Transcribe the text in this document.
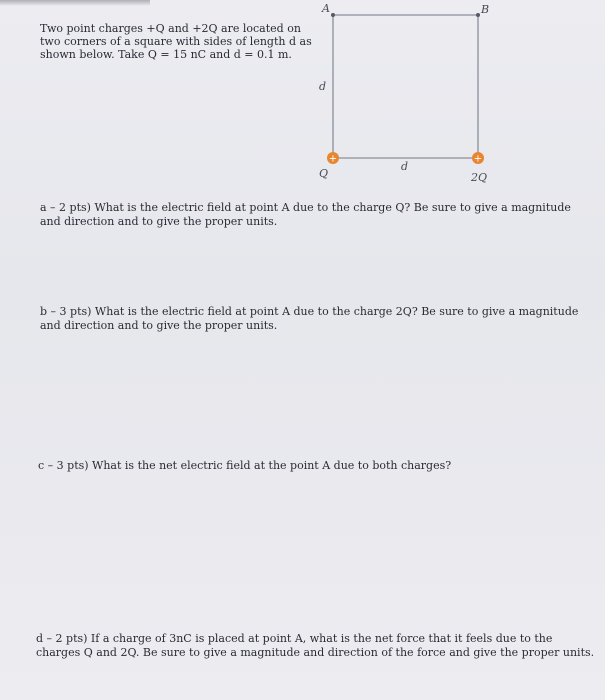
Two point charges +Q and +2Q are located on two corners of a square with sides of length d as shown below. Take Q = 15 nC and d = 0.1 m.

+	+

A	B

d

d

Q	2Q

a – 2 pts) What is the electric field at point A due to the charge Q? Be sure to give a magnitude and direction and to give the proper units.

b – 3 pts) What is the electric field at point A due to the charge 2Q? Be sure to give a magnitude and direction and to give the proper units.

c – 3 pts) What is the net electric field at the point A due to both charges?

d – 2 pts) If a charge of 3nC is placed at point A, what is the net force that it feels due to the charges Q and 2Q. Be sure to give a magnitude and direction of the force and give the proper units.
